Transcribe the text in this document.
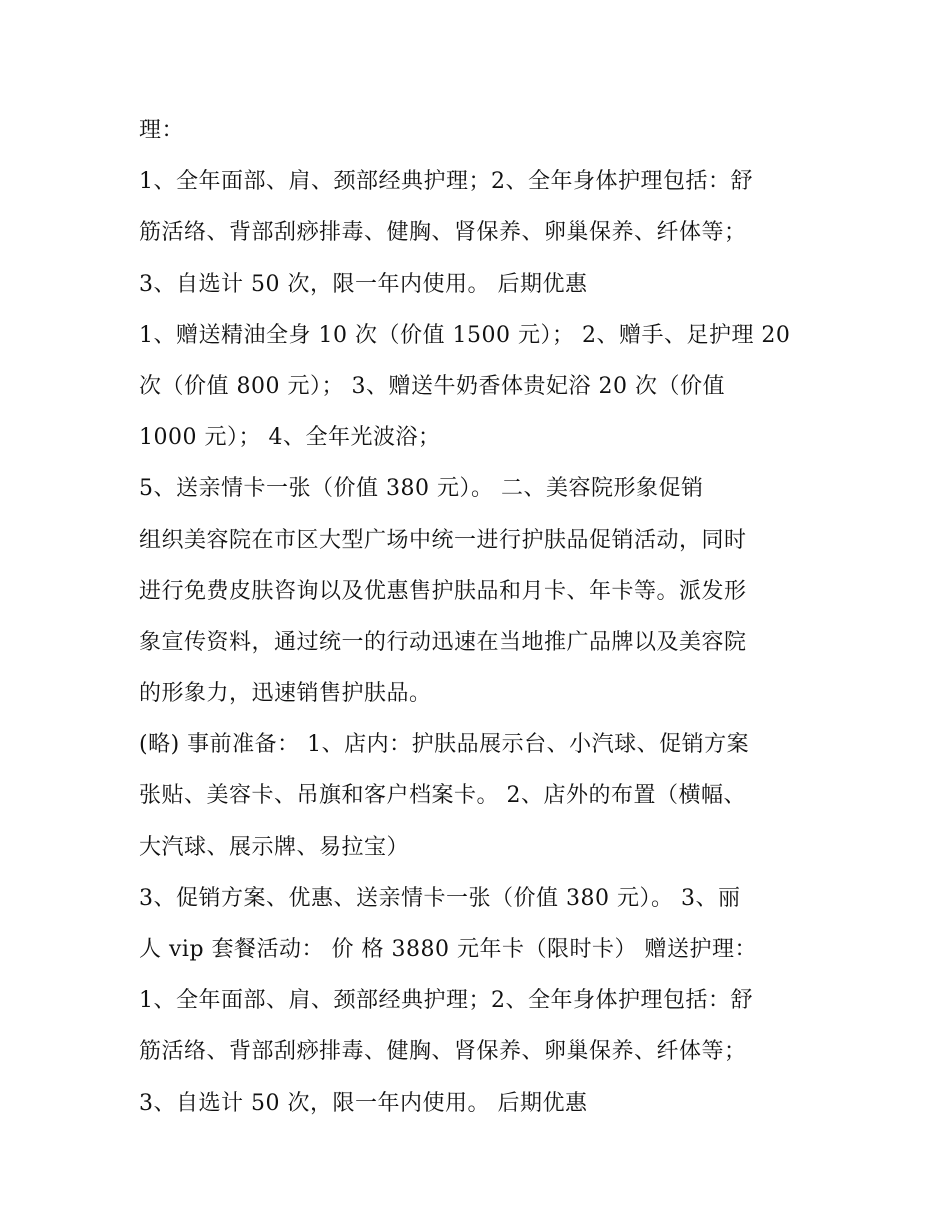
理：
1、全年面部、肩、颈部经典护理；2、全年身体护理包括：舒
筋活络、背部刮痧排毒、健胸、肾保养、卵巢保养、纤体等；
3、自选计 50 次，限一年内使用。 后期优惠
1、赠送精油全身 10 次（价值 1500 元）； 2、赠手、足护理 20
次（价值 800 元）； 3、赠送牛奶香体贵妃浴 20 次（价值
1000 元）； 4、全年光波浴；
5、送亲情卡一张（价值 380 元）。 二、美容院形象促销
组织美容院在市区大型广场中统一进行护肤品促销活动，同时
进行免费皮肤咨询以及优惠售护肤品和月卡、年卡等。派发形
象宣传资料，通过统一的行动迅速在当地推广品牌以及美容院
的形象力，迅速销售护肤品。
(略) 事前准备： 1、店内：护肤品展示台、小汽球、促销方案
张贴、美容卡、吊旗和客户档案卡。 2、店外的布置（横幅、
大汽球、展示牌、易拉宝）
3、促销方案、优惠、送亲情卡一张（价值 380 元）。 3、丽
人 vip 套餐活动： 价 格 3880 元年卡（限时卡） 赠送护理：
1、全年面部、肩、颈部经典护理；2、全年身体护理包括：舒
筋活络、背部刮痧排毒、健胸、肾保养、卵巢保养、纤体等；
3、自选计 50 次，限一年内使用。 后期优惠
